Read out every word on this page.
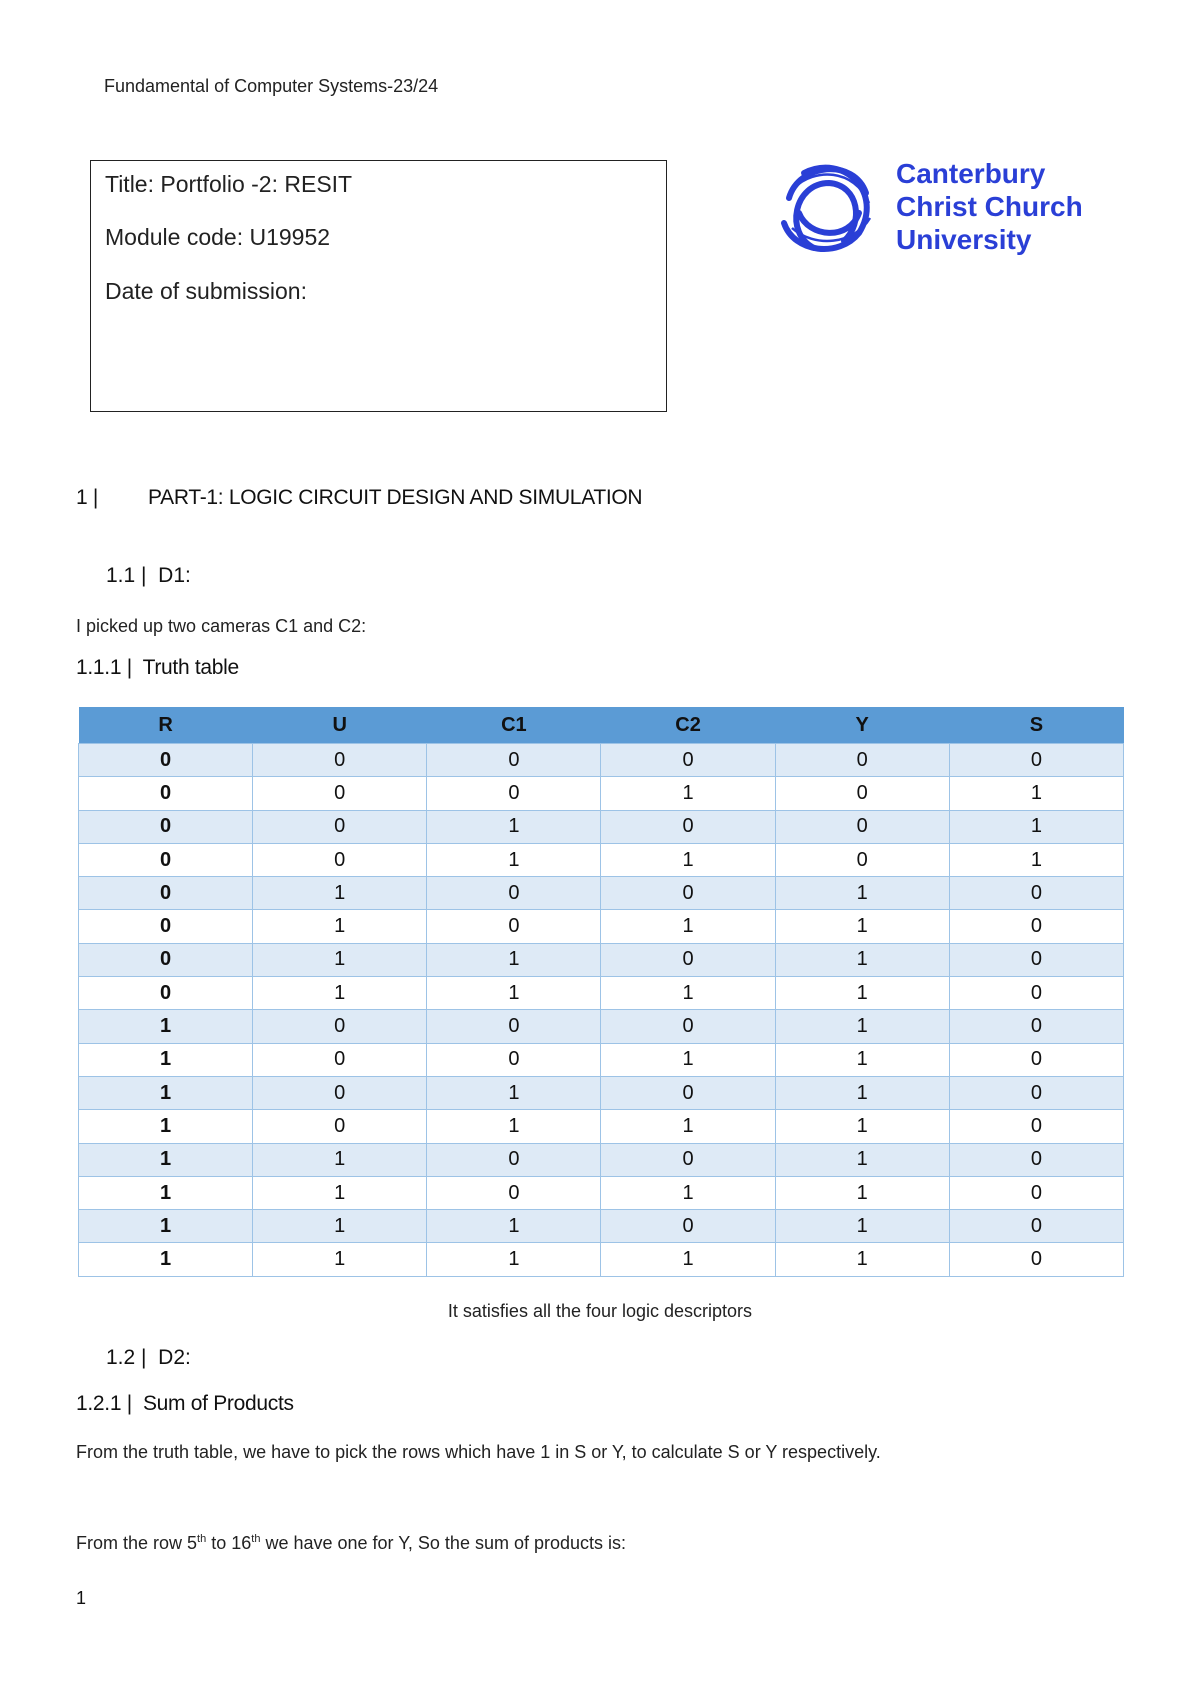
Fundamental of Computer Systems-23/24
Title: Portfolio -2: RESIT
Module code: U19952
Date of submission:
Canterbury
Christ Church
University
1 | PART-1: LOGIC CIRCUIT DESIGN AND SIMULATION
1.1 |  D1:
I picked up two cameras C1 and C2:
1.1.1 |  Truth table
R	U	C1	C2	Y	S
0	0	0	0	0	0
0	0	0	1	0	1
0	0	1	0	0	1
0	0	1	1	0	1
0	1	0	0	1	0
0	1	0	1	1	0
0	1	1	0	1	0
0	1	1	1	1	0
1	0	0	0	1	0
1	0	0	1	1	0
1	0	1	0	1	0
1	0	1	1	1	0
1	1	0	0	1	0
1	1	0	1	1	0
1	1	1	0	1	0
1	1	1	1	1	0
It satisfies all the four logic descriptors
1.2 |  D2:
1.2.1 |  Sum of Products
From the truth table, we have to pick the rows which have 1 in S or Y, to calculate S or Y respectively.
From the row 5th to 16th we have one for Y, So the sum of products is:
1
